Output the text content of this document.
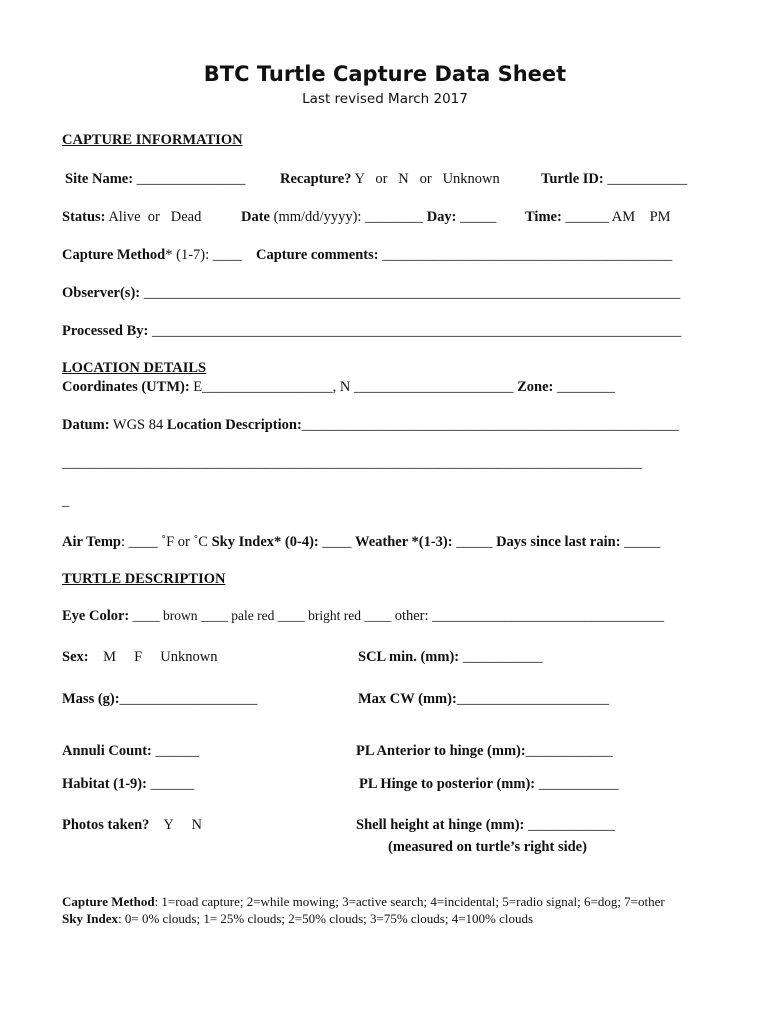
BTC Turtle Capture Data Sheet
Last revised March 2017
CAPTURE INFORMATION
Site Name: _______________ Recapture? Y   or   N   or   Unknown	Turtle ID: ___________
Status: Alive  or   Dead	Date (mm/dd/yyyy): ________ Day: _____ Time: ______ AM    PM
Capture Method* (1-7): ____ Capture comments: ________________________________________
Observer(s): __________________________________________________________________________
Processed By: _________________________________________________________________________
LOCATION DETAILS
Coordinates (UTM): E__________________, N ______________________ Zone: ________
Datum: WGS 84 Location Description:____________________________________________________
________________________________________________________________________________
_
Air Temp: ____ ˚F or ˚C Sky Index* (0-4): ____ Weather *(1-3): _____ Days since last rain: _____
TURTLE DESCRIPTION
Eye Color: ____ brown ____ pale red ____ bright red ____ other: ________________________________
Sex:    M     F     Unknown	SCL min. (mm): ___________
Mass (g):___________________	Max CW (mm):_____________________
Annuli Count: ______	PL Anterior to hinge (mm):____________
Habitat (1-9): ______	PL Hinge to posterior (mm): ___________
Photos taken?    Y     N	Shell height at hinge (mm): ____________
(measured on turtle’s right side)
Capture Method: 1=road capture; 2=while mowing; 3=active search; 4=incidental; 5=radio signal; 6=dog; 7=other
Sky Index: 0= 0% clouds; 1= 25% clouds; 2=50% clouds; 3=75% clouds; 4=100% clouds
